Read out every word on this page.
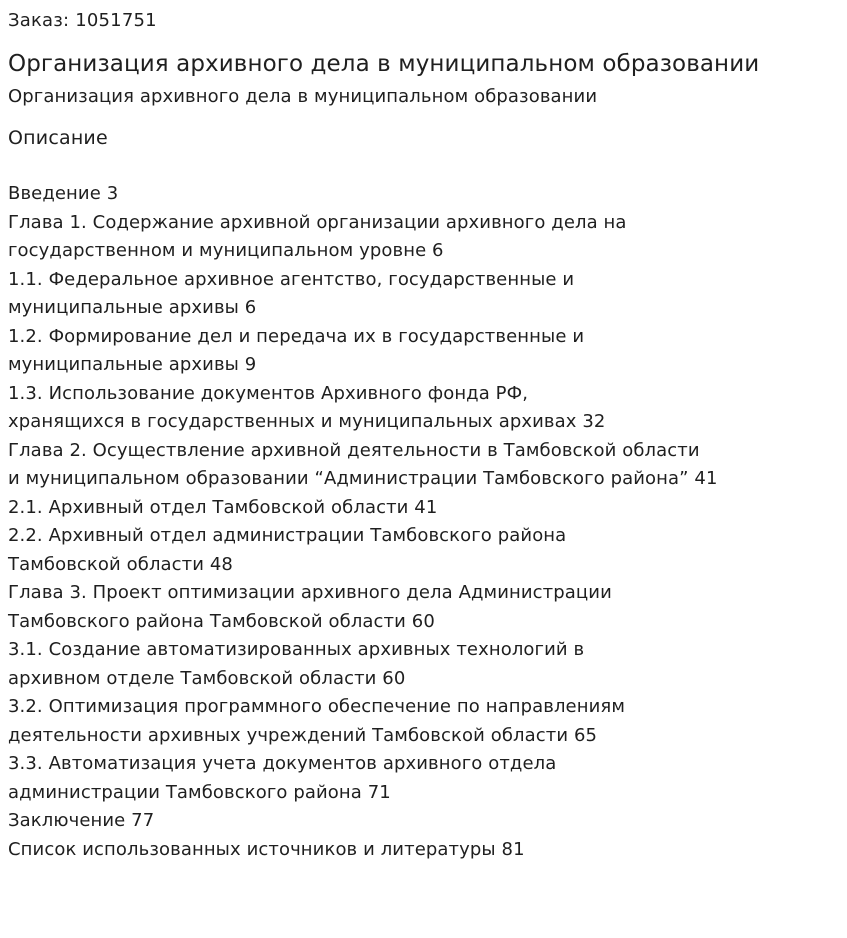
Заказ: 1051751

Организация архивного дела в муниципальном образовании

Организация архивного дела в муниципальном образовании

Описание
Введение 3
Глава 1. Содержание архивной организации архивного дела на
государственном и муниципальном уровне 6
1.1. Федеральное архивное агентство, государственные и
муниципальные архивы 6
1.2. Формирование дел и передача их в государственные и
муниципальные архивы 9
1.3. Использование документов Архивного фонда РФ,
хранящихся в государственных и муниципальных архивах 32
Глава 2. Осуществление архивной деятельности в Тамбовской области
и муниципальном образовании “Администрации Тамбовского района” 41
2.1. Архивный отдел Тамбовской области 41
2.2. Архивный отдел администрации Тамбовского района
Тамбовской области 48
Глава 3. Проект оптимизации архивного дела Администрации
Тамбовского района Тамбовской области 60
3.1. Создание автоматизированных архивных технологий в
архивном отделе Тамбовской области 60
3.2. Оптимизация программного обеспечение по направлениям
деятельности архивных учреждений Тамбовской области 65
3.3. Автоматизация учета документов архивного отдела
администрации Тамбовского района 71
Заключение 77
Список использованных источников и литературы 81
